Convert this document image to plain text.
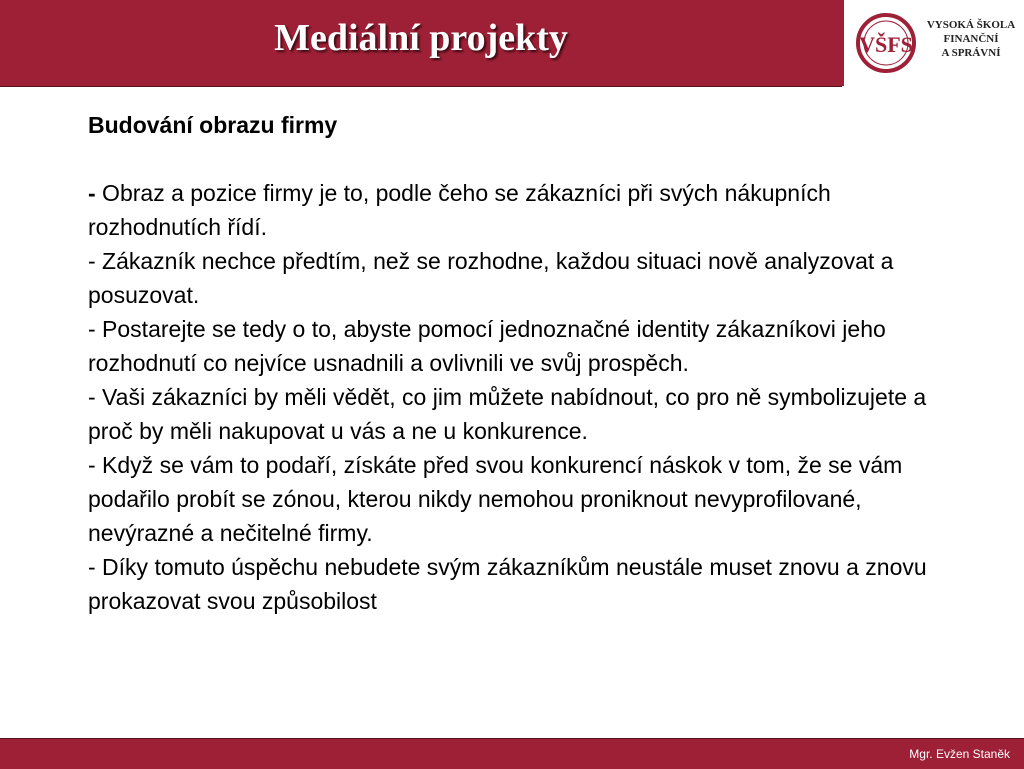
Mediální projekty	VŠFS
VYSOKÁ ŠKOLA
FINANČNÍ
A SPRÁVNÍ

Budování obrazu firmy

- Obraz a pozice firmy je to, podle čeho se zákazníci při svých nákupních rozhodnutích řídí.

- Zákazník nechce předtím, než se rozhodne, každou situaci nově analyzovat a posuzovat.

- Postarejte se tedy o to, abyste pomocí jednoznačné identity zákazníkovi jeho rozhodnutí co nejvíce usnadnili a ovlivnili ve svůj prospěch.

- Vaši zákazníci by měli vědět, co jim můžete nabídnout, co pro ně symbolizujete a proč by měli nakupovat u vás a ne u konkurence.

- Když se vám to podaří, získáte před svou konkurencí náskok v tom, že se vám podařilo probít se zónou, kterou nikdy nemohou proniknout nevyprofilované, nevýrazné a nečitelné firmy.

- Díky tomuto úspěchu nebudete svým zákazníkům neustále muset znovu a znovu prokazovat svou způsobilost

Mgr. Evžen Staněk
